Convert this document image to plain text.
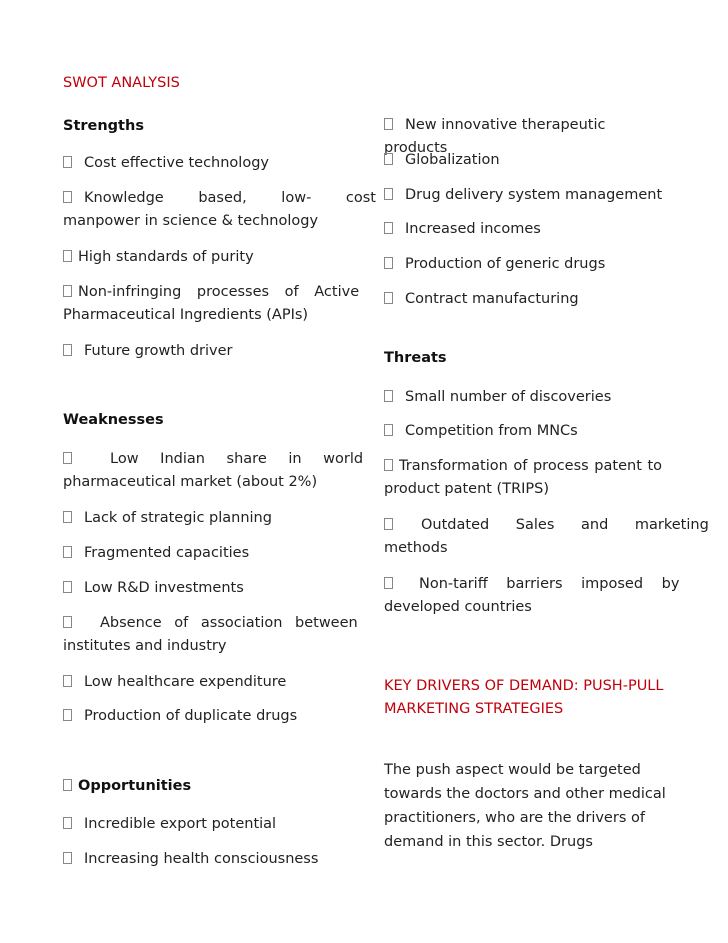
SWOT ANALYSIS
Strengths
Cost effective technology
Knowledge based, low- cost
manpower in science & technology
High standards of purity
Non-infringing processes of Active
Pharmaceutical Ingredients (APIs)
Future growth driver
Weaknesses
Low Indian share in world
pharmaceutical market (about 2%)
Lack of strategic planning
Fragmented capacities
Low R&D investments
Absence of association between
institutes and industry
Low healthcare expenditure
Production of duplicate drugs
Opportunities
Incredible export potential
Increasing health consciousness
New innovative therapeutic products
Globalization
Drug delivery system management
Increased incomes
Production of generic drugs
Contract manufacturing
Threats
Small number of discoveries
Competition from MNCs
Transformation of process patent to
product patent (TRIPS)
Outdated Sales and marketing
methods
Non-tariff barriers imposed by
developed countries
KEY DRIVERS OF DEMAND: PUSH-PULL
MARKETING STRATEGIES
The push aspect would be targeted
towards the doctors and other medical
practitioners, who are the drivers of
demand in this sector. Drugs
